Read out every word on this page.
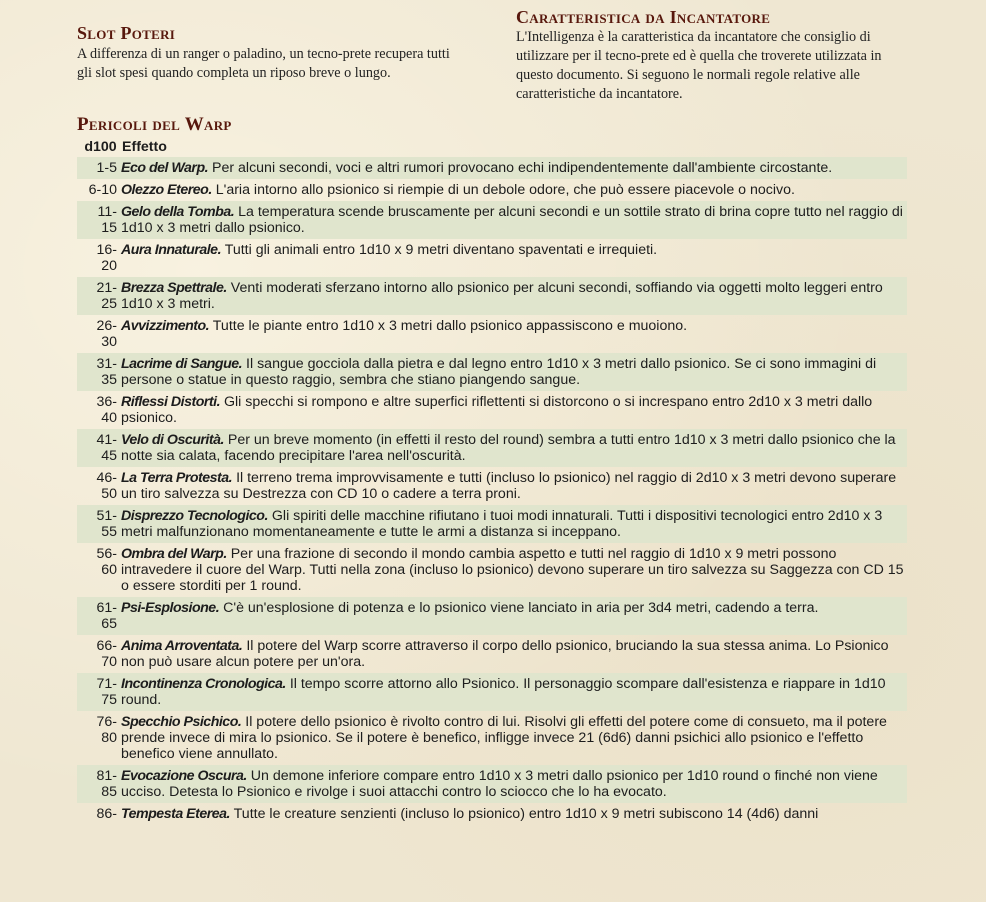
Slot Poteri

A differenza di un ranger o paladino, un tecno-prete recupera tutti gli slot spesi quando completa un riposo breve o lungo.

Caratteristica da Incantatore

L'Intelligenza è la caratteristica da incantatore che consiglio di utilizzare per il tecno-prete ed è quella che troverete utilizzata in questo documento. Si seguono le normali regole relative alle caratteristiche da incantatore.

Pericoli del Warp
d100 Effetto
1-5 Eco del Warp. Per alcuni secondi, voci e altri rumori provocano echi indipendentemente dall'ambiente circostante.
6-10 Olezzo Etereo. L'aria intorno allo psionico si riempie di un debole odore, che può essere piacevole o nocivo.
11-
15
Gelo della Tomba. La temperatura scende bruscamente per alcuni secondi e un sottile strato di brina copre tutto nel raggio di 1d10 x 3 metri dallo psionico.
16-
20
Aura Innaturale. Tutti gli animali entro 1d10 x 9 metri diventano spaventati e irrequieti.
21-
25
Brezza Spettrale. Venti moderati sferzano intorno allo psionico per alcuni secondi, soffiando via oggetti molto leggeri entro 1d10 x 3 metri.
26-
30
Avvizzimento. Tutte le piante entro 1d10 x 3 metri dallo psionico appassiscono e muoiono.
31-
35
Lacrime di Sangue. Il sangue gocciola dalla pietra e dal legno entro 1d10 x 3 metri dallo psionico. Se ci sono immagini di persone o statue in questo raggio, sembra che stiano piangendo sangue.
36-
40
Riflessi Distorti. Gli specchi si rompono e altre superfici riflettenti si distorcono o si increspano entro 2d10 x 3 metri dallo psionico.
41-
45
Velo di Oscurità. Per un breve momento (in effetti il resto del round) sembra a tutti entro 1d10 x 3 metri dallo psionico che la notte sia calata, facendo precipitare l'area nell'oscurità.
46-
50
La Terra Protesta. Il terreno trema improvvisamente e tutti (incluso lo psionico) nel raggio di 2d10 x 3 metri devono superare un tiro salvezza su Destrezza con CD 10 o cadere a terra proni.
51-
55
Disprezzo Tecnologico. Gli spiriti delle macchine rifiutano i tuoi modi innaturali. Tutti i dispositivi tecnologici entro 2d10 x 3 metri malfunzionano momentaneamente e tutte le armi a distanza si inceppano.
56-
60
Ombra del Warp. Per una frazione di secondo il mondo cambia aspetto e tutti nel raggio di 1d10 x 9 metri possono intravedere il cuore del Warp. Tutti nella zona (incluso lo psionico) devono superare un tiro salvezza su Saggezza con CD 15 o essere storditi per 1 round.
61-
65
Psi-Esplosione. C'è un'esplosione di potenza e lo psionico viene lanciato in aria per 3d4 metri, cadendo a terra.
66-
70
Anima Arroventata. Il potere del Warp scorre attraverso il corpo dello psionico, bruciando la sua stessa anima. Lo Psionico non può usare alcun potere per un'ora.
71-
75
Incontinenza Cronologica. Il tempo scorre attorno allo Psionico. Il personaggio scompare dall'esistenza e riappare in 1d10 round.
76-
80
Specchio Psichico. Il potere dello psionico è rivolto contro di lui. Risolvi gli effetti del potere come di consueto, ma il potere prende invece di mira lo psionico. Se il potere è benefico, infligge invece 21 (6d6) danni psichici allo psionico e l'effetto benefico viene annullato.
81-
85
Evocazione Oscura. Un demone inferiore compare entro 1d10 x 3 metri dallo psionico per 1d10 round o finché non viene ucciso. Detesta lo Psionico e rivolge i suoi attacchi contro lo sciocco che lo ha evocato.
86- Tempesta Eterea. Tutte le creature senzienti (incluso lo psionico) entro 1d10 x 9 metri subiscono 14 (4d6) danni
